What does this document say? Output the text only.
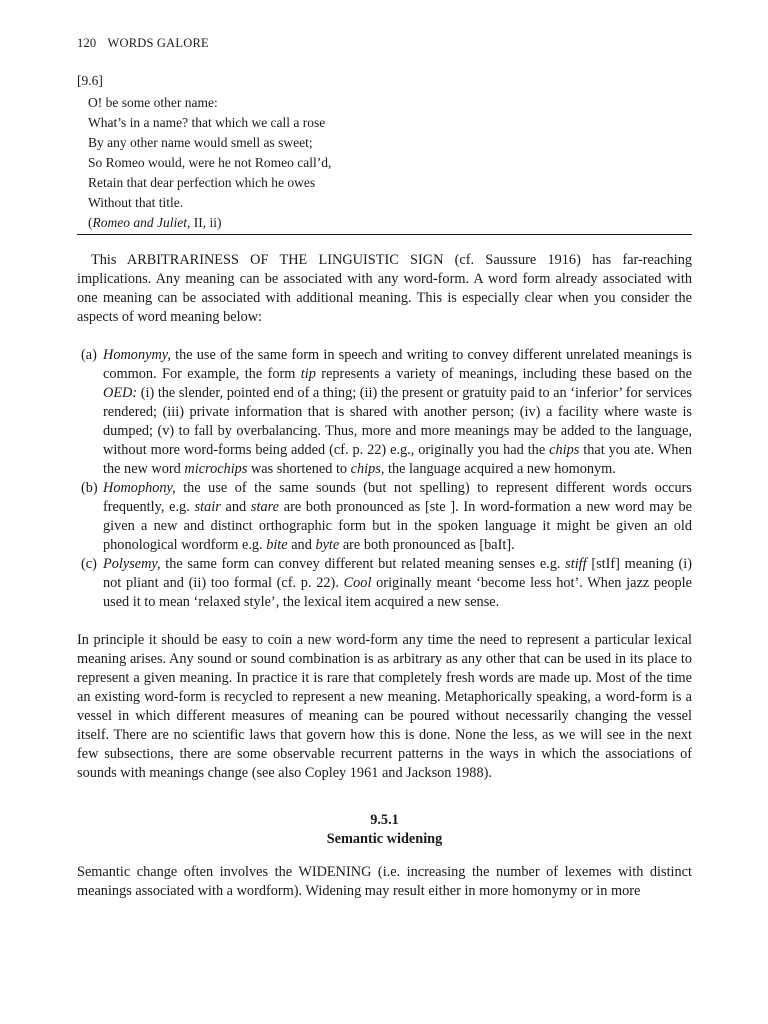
120 WORDS GALORE
[9.6]
O! be some other name:
What’s in a name? that which we call a rose
By any other name would smell as sweet;
So Romeo would, were he not Romeo call’d,
Retain that dear perfection which he owes
Without that title.
(Romeo and Juliet, II, ii)

This ARBITRARINESS OF THE LINGUISTIC SIGN (cf. Saussure 1916) has far-reaching implications. Any meaning can be associated with any word-form. A word form already associated with one meaning can be associated with additional meaning. This is especially clear when you consider the aspects of word meaning below:

(a) Homonymy, the use of the same form in speech and writing to convey different unrelated meanings is common. For example, the form tip represents a variety of meanings, including these based on the OED: (i) the slender, pointed end of a thing; (ii) the present or gratuity paid to an ‘inferior’ for services rendered; (iii) private information that is shared with another person; (iv) a facility where waste is dumped; (v) to fall by overbalancing. Thus, more and more meanings may be added to the language, without more word-forms being added (cf. p. 22) e.g., originally you had the chips that you ate. When the new word microchips was shortened to chips, the language acquired a new homonym.
(b) Homophony, the use of the same sounds (but not spelling) to represent different words occurs frequently, e.g. stair and stare are both pronounced as [ste ]. In word-formation a new word may be given a new and distinct orthographic form but in the spoken language it might be given an old phonological wordform e.g. bite and byte are both pronounced as [baIt].
(c) Polysemy, the same form can convey different but related meaning senses e.g. stiff [stIf] meaning (i) not pliant and (ii) too formal (cf. p. 22). Cool originally meant ‘become less hot’. When jazz people used it to mean ‘relaxed style’, the lexical item acquired a new sense.

In principle it should be easy to coin a new word-form any time the need to represent a particular lexical meaning arises. Any sound or sound combination is as arbitrary as any other that can be used in its place to represent a given meaning. In practice it is rare that completely fresh words are made up. Most of the time an existing word-form is recycled to represent a new meaning. Metaphorically speaking, a word-form is a vessel in which different measures of meaning can be poured without necessarily changing the vessel itself. There are no scientific laws that govern how this is done. None the less, as we will see in the next few subsections, there are some observable recurrent patterns in the ways in which the associations of sounds with meanings change (see also Copley 1961 and Jackson 1988).

9.5.1
Semantic widening

Semantic change often involves the WIDENING (i.e. increasing the number of lexemes with distinct meanings associated with a wordform). Widening may result either in more homonymy or in more
